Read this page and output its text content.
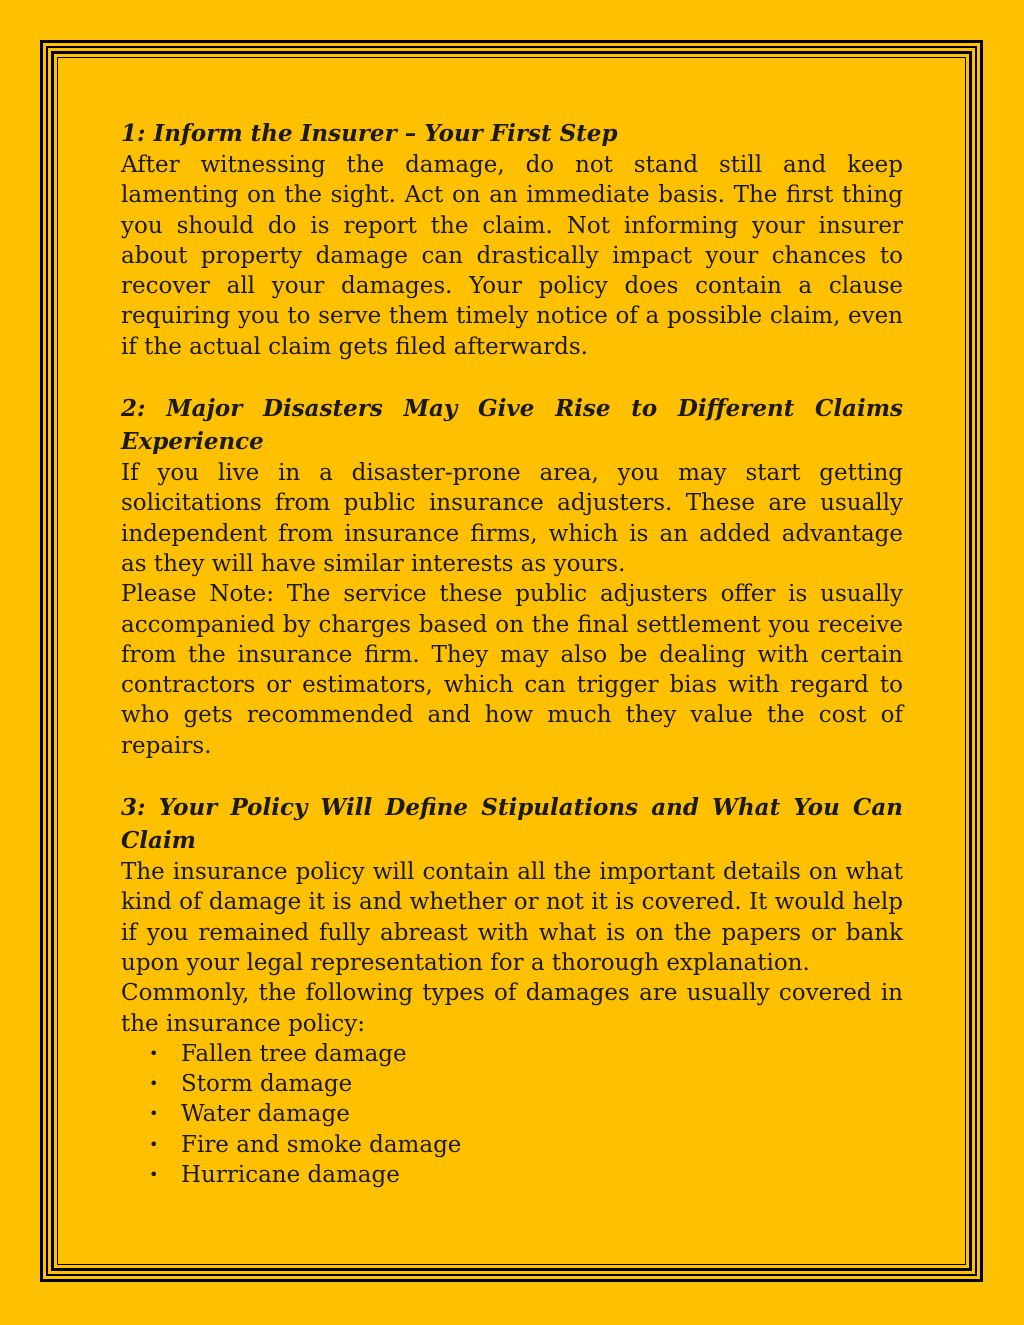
1: Inform the Insurer – Your First Step

After witnessing the damage, do not stand still and keep lamenting on the sight. Act on an immediate basis. The first thing you should do is report the claim. Not informing your insurer about property damage can drastically impact your chances to recover all your damages. Your policy does contain a clause requiring you to serve them timely notice of a possible claim, even if the actual claim gets filed afterwards.

2: Major Disasters May Give Rise to Different Claims Experience

If you live in a disaster-prone area, you may start getting solicitations from public insurance adjusters. These are usually independent from insurance firms, which is an added advantage as they will have similar interests as yours.

Please Note: The service these public adjusters offer is usually accompanied by charges based on the final settlement you receive from the insurance firm. They may also be dealing with certain contractors or estimators, which can trigger bias with regard to who gets recommended and how much they value the cost of repairs.

3: Your Policy Will Define Stipulations and What You Can Claim

The insurance policy will contain all the important details on what kind of damage it is and whether or not it is covered. It would help if you remained fully abreast with what is on the papers or bank upon your legal representation for a thorough explanation.

Commonly, the following types of damages are usually covered in the insurance policy:

• Fallen tree damage
• Storm damage
• Water damage
• Fire and smoke damage
• Hurricane damage
